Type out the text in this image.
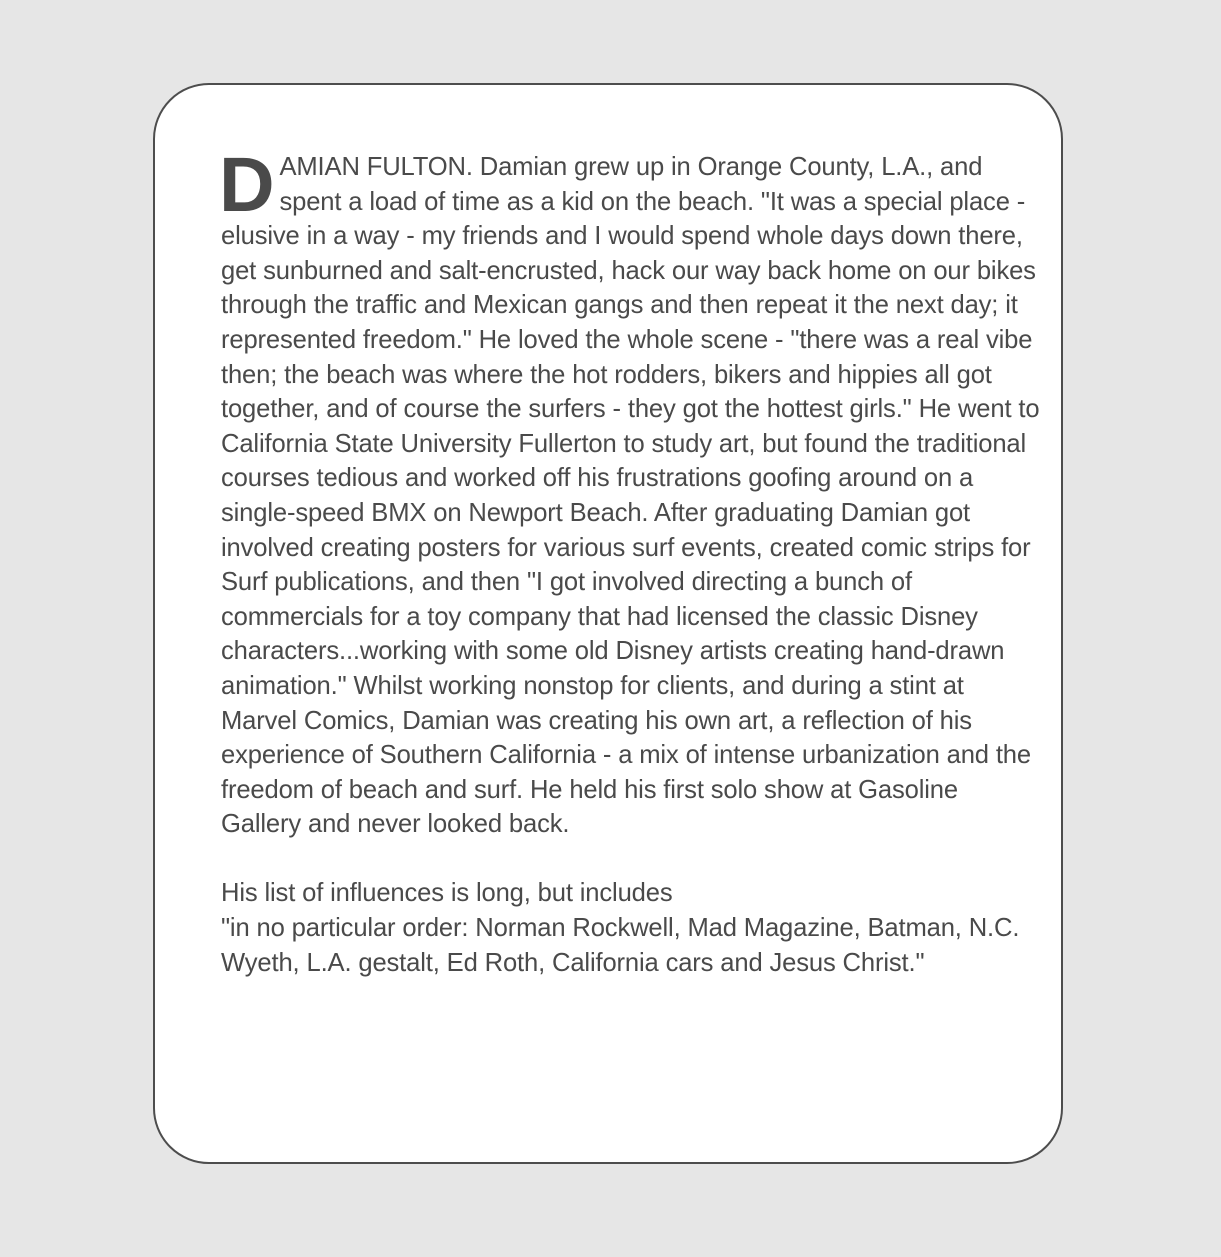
DAMIAN FULTON. Damian grew up in Orange County, L.A., and spent a load of time as a kid on the beach. "It was a special place - elusive in a way - my friends and I would spend whole days down there, get sunburned and salt-encrusted, hack our way back home on our bikes through the traffic and Mexican gangs and then repeat it the next day; it represented freedom." He loved the whole scene - "there was a real vibe then; the beach was where the hot rodders, bikers and hippies all got together, and of course the surfers - they got the hottest girls." He went to California State University Fullerton to study art, but found the traditional courses tedious and worked off his frustrations goofing around on a single-speed BMX on Newport Beach. After graduating Damian got involved creating posters for various surf events, created comic strips for Surf publications, and then "I got involved directing a bunch of commercials for a toy company that had licensed the classic Disney characters...working with some old Disney artists creating hand-drawn animation." Whilst working nonstop for clients, and during a stint at Marvel Comics, Damian was creating his own art, a reflection of his experience of Southern California - a mix of intense urbanization and the freedom of beach and surf. He held his first solo show at Gasoline Gallery and never looked back.

His list of influences is long, but includes
"in no particular order: Norman Rockwell, Mad Magazine, Batman, N.C. Wyeth, L.A. gestalt, Ed Roth, California cars and Jesus Christ."
